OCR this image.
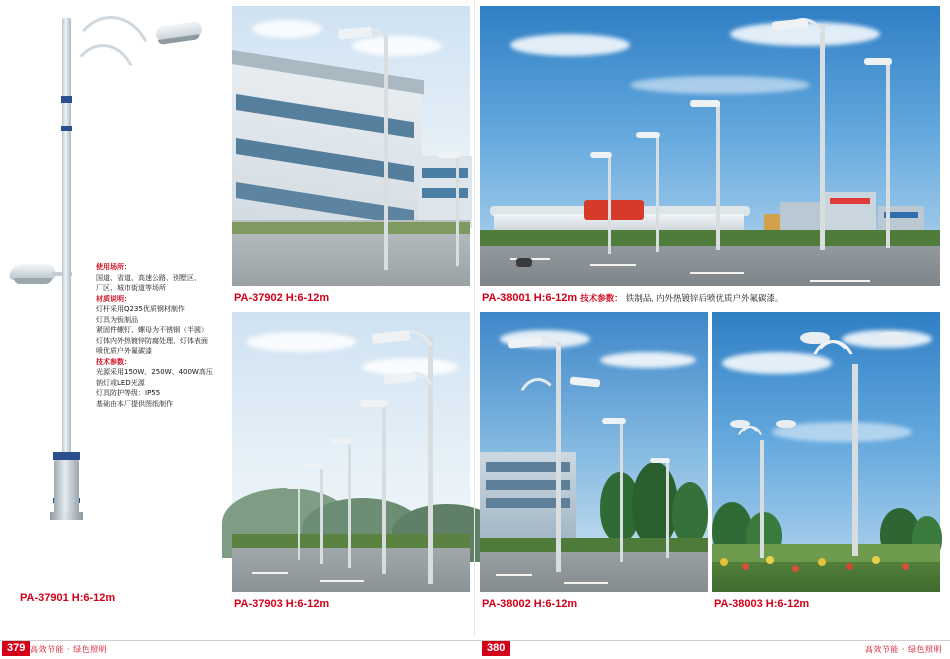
使用场所：
国道、省道、高速公路、别墅区、
厂区、城市街道等场所
材质说明：
灯杆采用Q235优质钢材制作
灯具为钣制品
紧固件螺钉、螺母为不锈钢（半圆）
灯体内外热镀锌防腐处理、灯体表面
喷优质户外氟碳漆
技术参数：
光源采用150W、250W、400W高压
钠灯或LED光源
灯具防护等级：IP55
基础由本厂提供图纸制作
PA-37901 H:6-12m
PA-37902 H:6-12m	PA-38001 H:6-12m 技术参数： 铁制品, 内外热镀锌后喷优质户外氟碳漆。
PA-37903 H:6-12m	PA-38002 H:6-12m	PA-38003 H:6-12m
379 高效节能 · 绿色照明	380	高效节能 · 绿色照明
